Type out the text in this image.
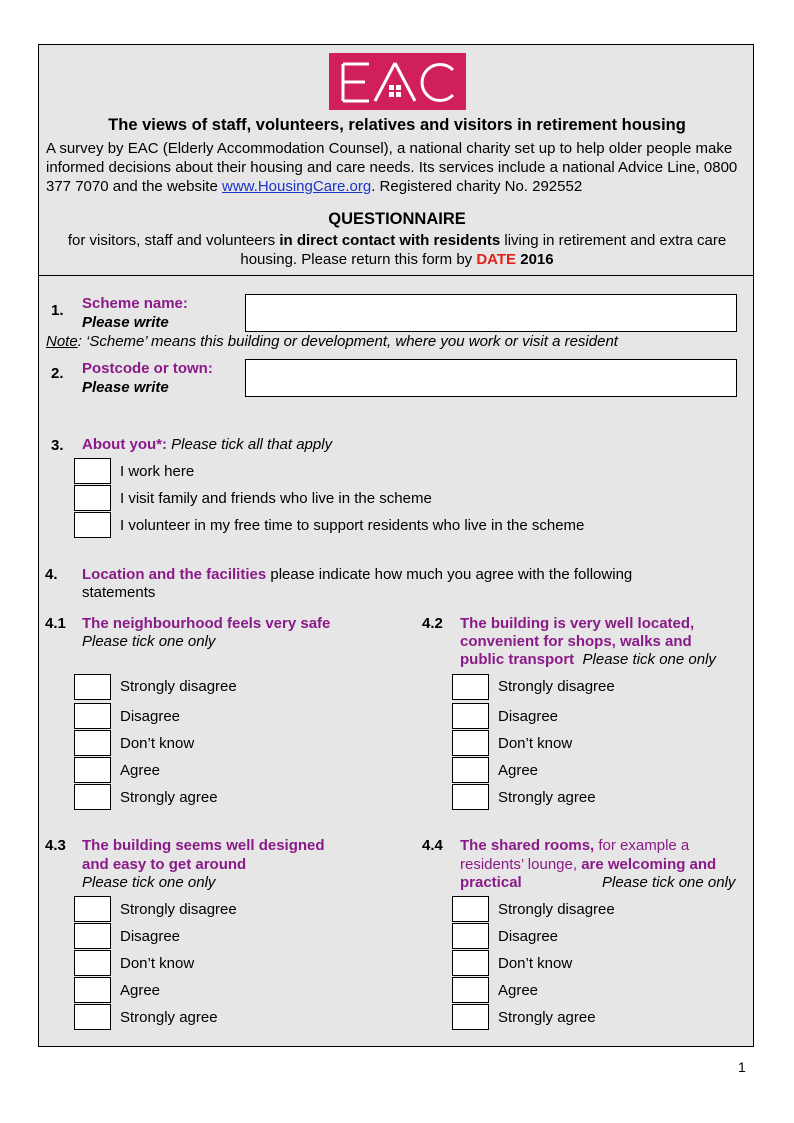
The views of staff, volunteers, relatives and visitors in retirement housing
A survey by EAC (Elderly Accommodation Counsel), a national charity set up to help older people make informed decisions about their housing and care needs. Its services include a national Advice Line, 0800 377 7070 and the website www.HousingCare.org. Registered charity No. 292552
QUESTIONNAIRE
for visitors, staff and volunteers in direct contact with residents living in retirement and extra care housing. Please return this form by DATE 2016
1. Scheme name:
Please write
Note: ‘Scheme’ means this building or development, where you work or visit a resident
2. Postcode or town:
Please write
3. About you*: Please tick all that apply
I work here
I visit family and friends who live in the scheme
I volunteer in my free time to support residents who live in the scheme
4. Location and the facilities please indicate how much you agree with the following
statements
4.1 The neighbourhood feels very safe
Please tick one only
4.2 The building is very well located,
convenient for shops, walks and
public transport Please tick one only
Strongly disagree
Disagree
Don’t know
Agree
Strongly agree
Strongly disagree
Disagree
Don’t know
Agree
Strongly agree
4.3 The building seems well designed
and easy to get around
Please tick one only
4.4 The shared rooms, for example a
residents’ lounge, are welcoming and
practical	Please tick one only
Strongly disagree
Disagree
Don’t know
Agree
Strongly agree
Strongly disagree
Disagree
Don’t know
Agree
Strongly agree
1
